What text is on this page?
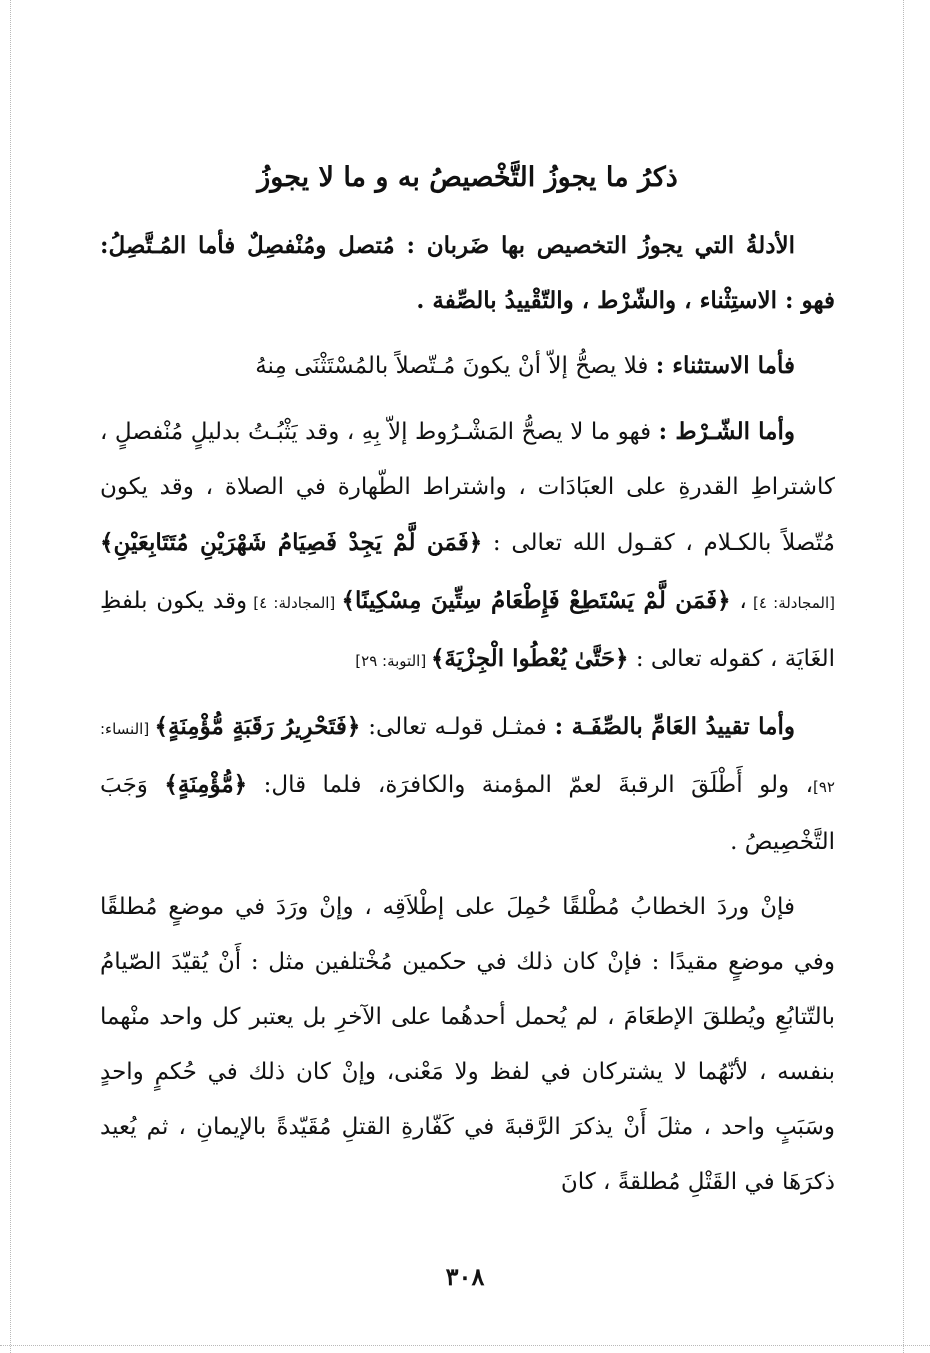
ذكرُ ما يجوزُ التَّخْصيصُ به و ما لا يجوزُ

الأدلةُ التي يجوزُ التخصيص بها ضَربان : مُتصل ومُنْفصِلٌ فأما المُـتَّصِلُ: فهو : الاستِثْناء ، والشّرْط ، والتّقْييدُ بالصِّفة .

فأما الاستثناء : فلا يصحُّ إلاّ أنْ يكونَ مُـتّصلاً بالمُسْتَثْنَى مِنهُ

وأما الشّـرْط : فهو ما لا يصحُّ المَشْـرُوط إلاّ بِهِ ، وقد يَثْبُـتُ بدليلٍ مُنْفصلٍ ، كاشتراطِ القدرةِ على العبَادَات ، واشتراط الطّهارة في الصلاة ، وقد يكون مُتّصلاً بالكـلام ، كقـول الله تعالى : ﴿فَمَن لَّمْ يَجِدْ فَصِيَامُ شَهْرَيْنِ مُتَتَابِعَيْنِ﴾ [المجادلة: ٤] ، ﴿فَمَن لَّمْ يَسْتَطِعْ فَإِطْعَامُ سِتِّينَ مِسْكِينًا﴾ [المجادلة: ٤] وقد يكون بلفظِ الغَايَة ، كقوله تعالى : ﴿حَتَّىٰ يُعْطُوا الْجِزْيَةَ﴾ [التوبة: ٢٩]

وأما تقييدُ العَامِّ بالصِّفَـة : فمثـل قولـه تعالى: ﴿فَتَحْرِيرُ رَقَبَةٍ مُّؤْمِنَةٍ﴾ [النساء: ٩٢]، ولو أَطْلَقَ الرقبةَ لعمّ المؤمنة والكافرَة، فلما قال: ﴿مُّؤْمِنَةٍ﴾ وَجَبَ التَّخْصِيصُ .

فإنْ وردَ الخطابُ مُطْلقًا حُمِلَ على إطْلاَقِه ، وإنْ ورَدَ في موضعٍ مُطلقًا وفي موضعٍ مقيدًا : فإنْ كان ذلك في حكمين مُخْتلفين مثل : أَنْ يُقيّدَ الصّيامُ بالتّتابُعِ ويُطلقَ الإطعَامَ ، لم يُحمل أحدهُما على الآخرِ بل يعتبر كل واحد منْهما بنفسه ، لأنّهُما لا يشتركان في لفظ ولا مَعْنى، وإنْ كان ذلك في حُكمٍ واحدٍ وسَبَبٍ واحد ، مثلَ أَنْ يذكرَ الرَّقبةَ في كَفّارةِ القتلِ مُقَيّدةً بالإيمانِ ، ثم يُعيد ذكرَهَا في القَتْلِ مُطلقةً ، كانَ

٣٠٨
